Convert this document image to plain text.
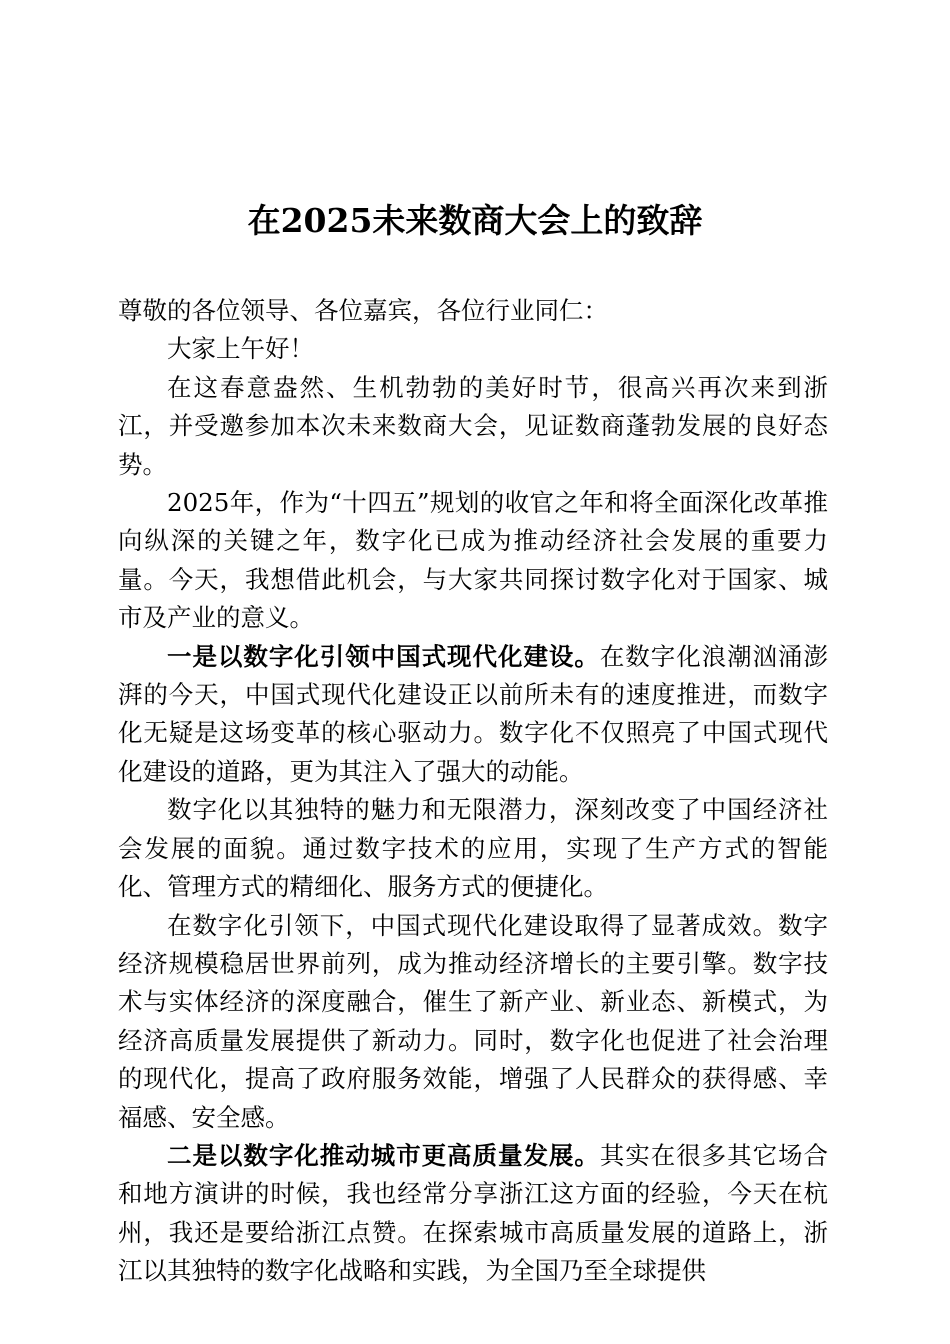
在2025未来数商大会上的致辞

尊敬的各位领导、各位嘉宾，各位行业同仁：

大家上午好！

在这春意盎然、生机勃勃的美好时节，很高兴再次来到浙江，并受邀参加本次未来数商大会，见证数商蓬勃发展的良好态势。

2025年，作为“十四五”规划的收官之年和将全面深化改革推向纵深的关键之年，数字化已成为推动经济社会发展的重要力量。今天，我想借此机会，与大家共同探讨数字化对于国家、城市及产业的意义。

一是以数字化引领中国式现代化建设。在数字化浪潮汹涌澎湃的今天，中国式现代化建设正以前所未有的速度推进，而数字化无疑是这场变革的核心驱动力。数字化不仅照亮了中国式现代化建设的道路，更为其注入了强大的动能。

数字化以其独特的魅力和无限潜力，深刻改变了中国经济社会发展的面貌。通过数字技术的应用，实现了生产方式的智能化、管理方式的精细化、服务方式的便捷化。

在数字化引领下，中国式现代化建设取得了显著成效。数字经济规模稳居世界前列，成为推动经济增长的主要引擎。数字技术与实体经济的深度融合，催生了新产业、新业态、新模式，为经济高质量发展提供了新动力。同时，数字化也促进了社会治理的现代化，提高了政府服务效能，增强了人民群众的获得感、幸福感、安全感。

二是以数字化推动城市更高质量发展。其实在很多其它场合和地方演讲的时候，我也经常分享浙江这方面的经验，今天在杭州，我还是要给浙江点赞。在探索城市高质量发展的道路上，浙江以其独特的数字化战略和实践，为全国乃至全球提供
